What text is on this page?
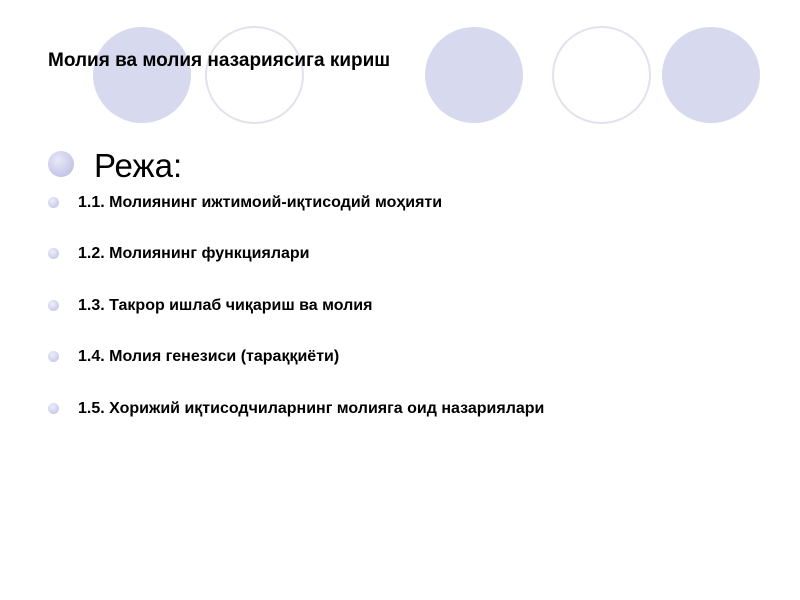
Молия ва молия назариясига кириш
Режа:
1.1. Молиянинг ижтимоий-иқтисодий моҳияти
1.2. Молиянинг функциялари
1.3. Такрор ишлаб чиқариш ва молия
1.4. Молия генезиси (тараққиёти)
1.5. Хорижий иқтисодчиларнинг молияга оид назариялари
